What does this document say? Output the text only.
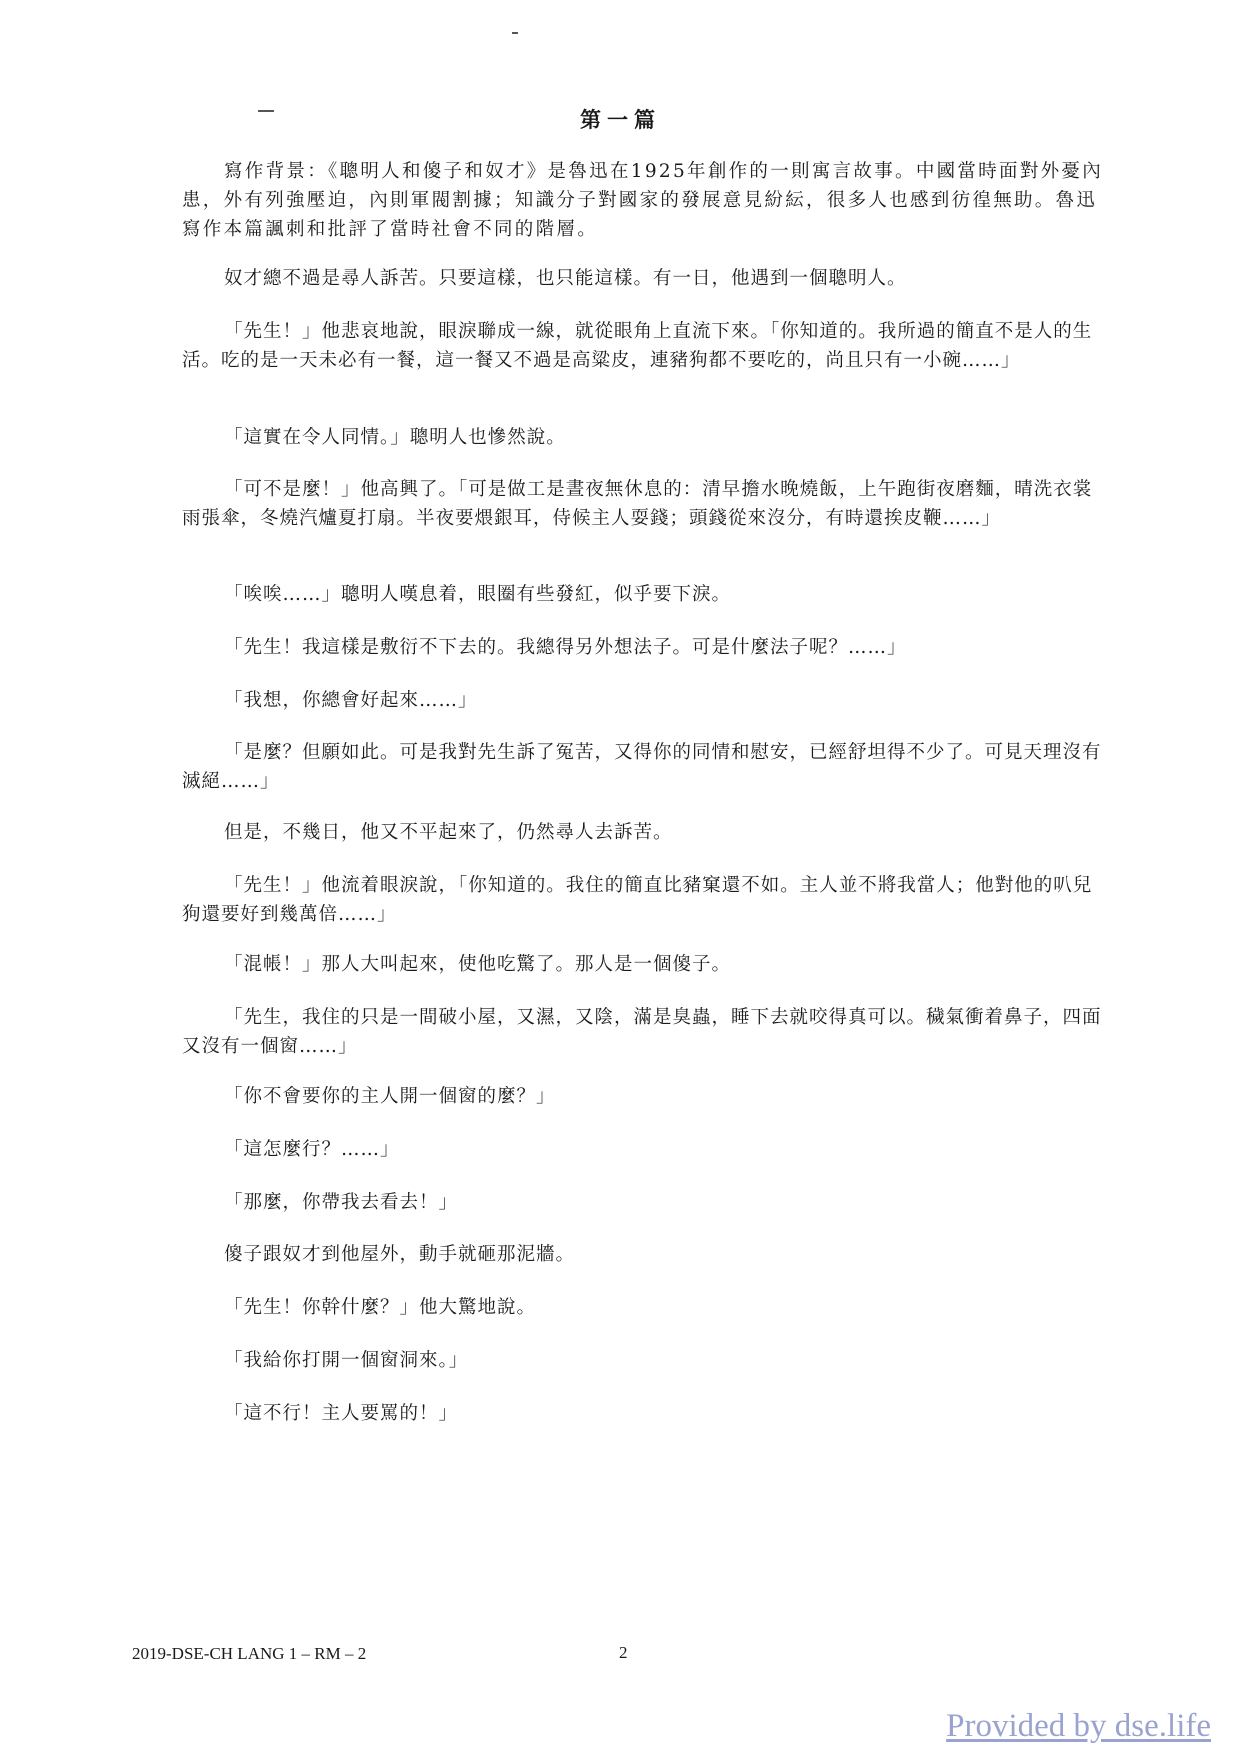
第一篇

寫作背景：《聰明人和傻子和奴才》是魯迅在1925年創作的一則寓言故事。中國當時面對外憂內患，外有列強壓迫，內則軍閥割據；知識分子對國家的發展意見紛紜，很多人也感到彷徨無助。魯迅寫作本篇諷刺和批評了當時社會不同的階層。

奴才總不過是尋人訴苦。只要這樣，也只能這樣。有一日，他遇到一個聰明人。

「先生！」他悲哀地說，眼淚聯成一線，就從眼角上直流下來。「你知道的。我所過的簡直不是人的生活。吃的是一天未必有一餐，這一餐又不過是高粱皮，連豬狗都不要吃的，尚且只有一小碗……」

「這實在令人同情。」聰明人也慘然說。

「可不是麼！」他高興了。「可是做工是晝夜無休息的：清早擔水晚燒飯，上午跑街夜磨麵，晴洗衣裳雨張傘，冬燒汽爐夏打扇。半夜要煨銀耳，侍候主人耍錢；頭錢從來沒分，有時還挨皮鞭……」

「唉唉……」聰明人嘆息着，眼圈有些發紅，似乎要下淚。

「先生！我這樣是敷衍不下去的。我總得另外想法子。可是什麼法子呢？……」

「我想，你總會好起來……」

「是麼？但願如此。可是我對先生訴了冤苦，又得你的同情和慰安，已經舒坦得不少了。可見天理沒有滅絕……」

但是，不幾日，他又不平起來了，仍然尋人去訴苦。

「先生！」他流着眼淚說，「你知道的。我住的簡直比豬窠還不如。主人並不將我當人；他對他的叭兒狗還要好到幾萬倍……」

「混帳！」那人大叫起來，使他吃驚了。那人是一個傻子。

「先生，我住的只是一間破小屋，又濕，又陰，滿是臭蟲，睡下去就咬得真可以。穢氣衝着鼻子，四面又沒有一個窗……」

「你不會要你的主人開一個窗的麼？」

「這怎麼行？……」

「那麼，你帶我去看去！」

傻子跟奴才到他屋外，動手就砸那泥牆。

「先生！你幹什麼？」他大驚地說。

「我給你打開一個窗洞來。」

「這不行！主人要罵的！」

2019-DSE-CH LANG 1 – RM – 2	2
Provided by dse.life
